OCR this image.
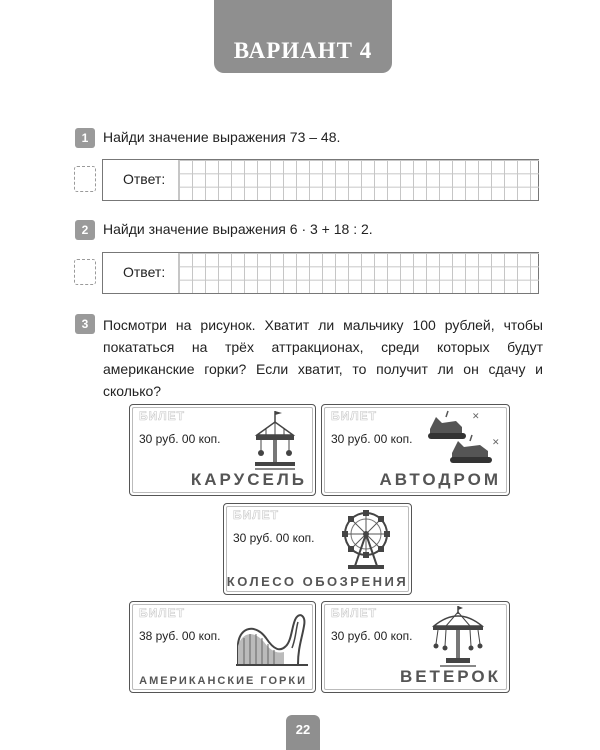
ВАРИАНТ 4
1	Найди значение выражения 73 – 48.
Ответ:
2	Найди значение выражения 6 · 3 + 18 : 2.
Ответ:
3	Посмотри на рисунок. Хватит ли мальчику 100 рублей, чтобы покататься на трёх аттракционах, среди которых будут американские горки? Если хватит, то получит ли он сдачу и сколько?
БИЛЕТ
30 руб. 00 коп.
КАРУСЕЛЬ
БИЛЕТ
30 руб. 00 коп.
✕
✕
АВТОДРОМ
БИЛЕТ
30 руб. 00 коп.
КОЛЕСО ОБОЗРЕНИЯ
БИЛЕТ
38 руб. 00 коп.
АМЕРИКАНСКИЕ ГОРКИ
БИЛЕТ
30 руб. 00 коп.
ВЕТЕРОК
22
